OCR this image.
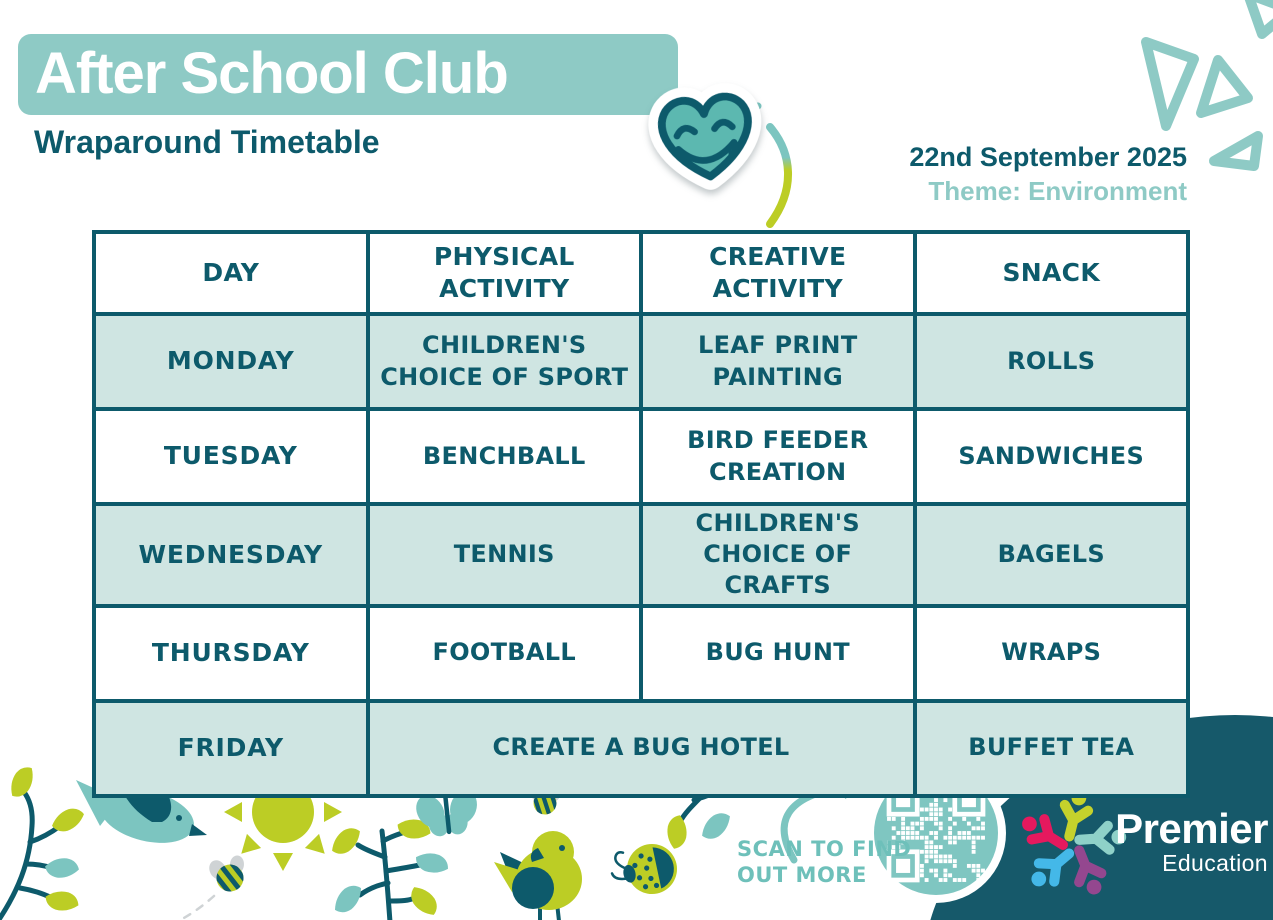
After School Club
Wraparound Timetable	22nd September 2025
Theme: Environment
DAY	PHYSICAL ACTIVITY	CREATIVE ACTIVITY	SNACK
MONDAY	CHILDREN'S CHOICE OF SPORT	LEAF PRINT PAINTING	ROLLS
TUESDAY	BENCHBALL	BIRD FEEDER CREATION	SANDWICHES
WEDNESDAY	TENNIS	CHILDREN'S CHOICE OF CRAFTS	BAGELS
THURSDAY	FOOTBALL	BUG HUNT	WRAPS
FRIDAY	CREATE A BUG HOTEL		BUFFET TEA
SCAN TO FIND
OUT MORE
Premier
Education
